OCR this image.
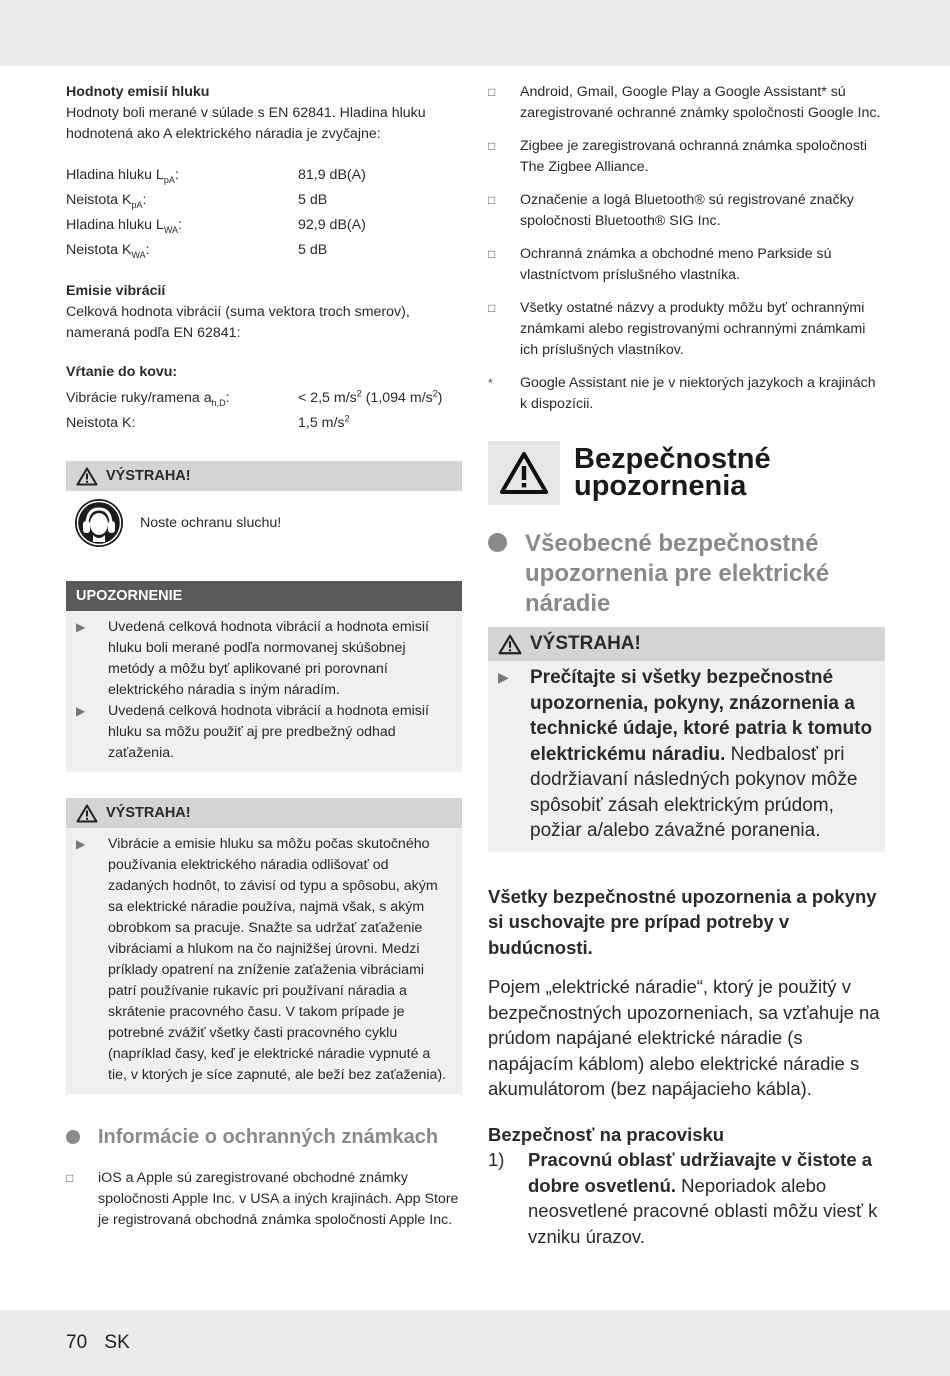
Hodnoty emisií hluku

Hodnoty boli merané v súlade s EN 62841. Hladina hluku hodnotená ako A elektrického náradia je zvyčajne:

Hladina hluku $L_{pA}$:	81,9 dB(A)
Neistota $K_{pA}$:	5 dB
Hladina hluku $L_{WA}$:	92,9 dB(A)
Neistota $K_{WA}$:	5 dB

Emisie vibrácií

Celková hodnota vibrácií (suma vektora troch smerov), nameraná podľa EN 62841:

Vŕtanie do kovu:

Vibrácie ruky/ramena $a_{h,D}$:	< 2,5 $m/s^2$ (1,094 $m/s^2$)
Neistota K:	1,5 $m/s^2$
VÝSTRAHA!
Noste ochranu sluchu!
UPOZORNENIE
▶	Uvedená celková hodnota vibrácií a hodnota emisií hluku boli merané podľa normovanej skúšobnej metódy a môžu byť aplikované pri porovnaní elektrického náradia s iným náradím.
▶	Uvedená celková hodnota vibrácií a hodnota emisií hluku sa môžu použiť aj pre predbežný odhad zaťaženia.
VÝSTRAHA!
▶	Vibrácie a emisie hluku sa môžu počas skutočného používania elektrického náradia odlišovať od zadaných hodnôt, to závisí od typu a spôsobu, akým sa elektrické náradie používa, najmä však, s akým obrobkom sa pracuje. Snažte sa udržať zaťaženie vibráciami a hlukom na čo najnižšej úrovni. Medzi príklady opatrení na zníženie zaťaženia vibráciami patrí používanie rukavíc pri používaní náradia a skrátenie pracovného času. V takom prípade je potrebné zvážiť všetky časti pracovného cyklu (napríklad časy, keď je elektrické náradie vypnuté a tie, v ktorých je síce zapnuté, ale beží bez zaťaženia).
Informácie o ochranných známkach
□	iOS a Apple sú zaregistrované obchodné známky spoločnosti Apple Inc. v USA a iných krajinách. App Store je registrovaná obchodná známka spoločnosti Apple Inc.
□	Android, Gmail, Google Play a Google Assistant* sú zaregistrované ochranné známky spoločnosti Google Inc.
□	Zigbee je zaregistrovaná ochranná známka spoločnosti The Zigbee Alliance.
□	Označenie a logá Bluetooth® sú registrované značky spoločnosti Bluetooth® SIG Inc.
□	Ochranná známka a obchodné meno Parkside sú vlastníctvom príslušného vlastníka.
□	Všetky ostatné názvy a produkty môžu byť ochrannými známkami alebo registrovanými ochrannými známkami ich príslušných vlastníkov.
*	Google Assistant nie je v niektorých jazykoch a krajinách k dispozícii.
Bezpečnostné
upozornenia
Všeobecné bezpečnostné upozornenia pre elektrické náradie
VÝSTRAHA!
▶	Prečítajte si všetky bezpečnostné upozornenia, pokyny, znázornenia a technické údaje, ktoré patria k tomuto elektrickému náradiu. Nedbalosť pri dodržiavaní následných pokynov môže spôsobiť zásah elektrickým prúdom, požiar a/alebo závažné poranenia.

Všetky bezpečnostné upozornenia a pokyny si uschovajte pre prípad potreby v budúcnosti.

Pojem „elektrické náradie“, ktorý je použitý v bezpečnostných upozorneniach, sa vzťahuje na prúdom napájané elektrické náradie (s napájacím káblom) alebo elektrické náradie s akumulátorom (bez napájacieho kábla).

Bezpečnosť na pracovisku

1)	Pracovnú oblasť udržiavajte v čistote a dobre osvetlenú. Neporiadok alebo neosvetlené pracovné oblasti môžu viesť k vzniku úrazov.
70 SK
